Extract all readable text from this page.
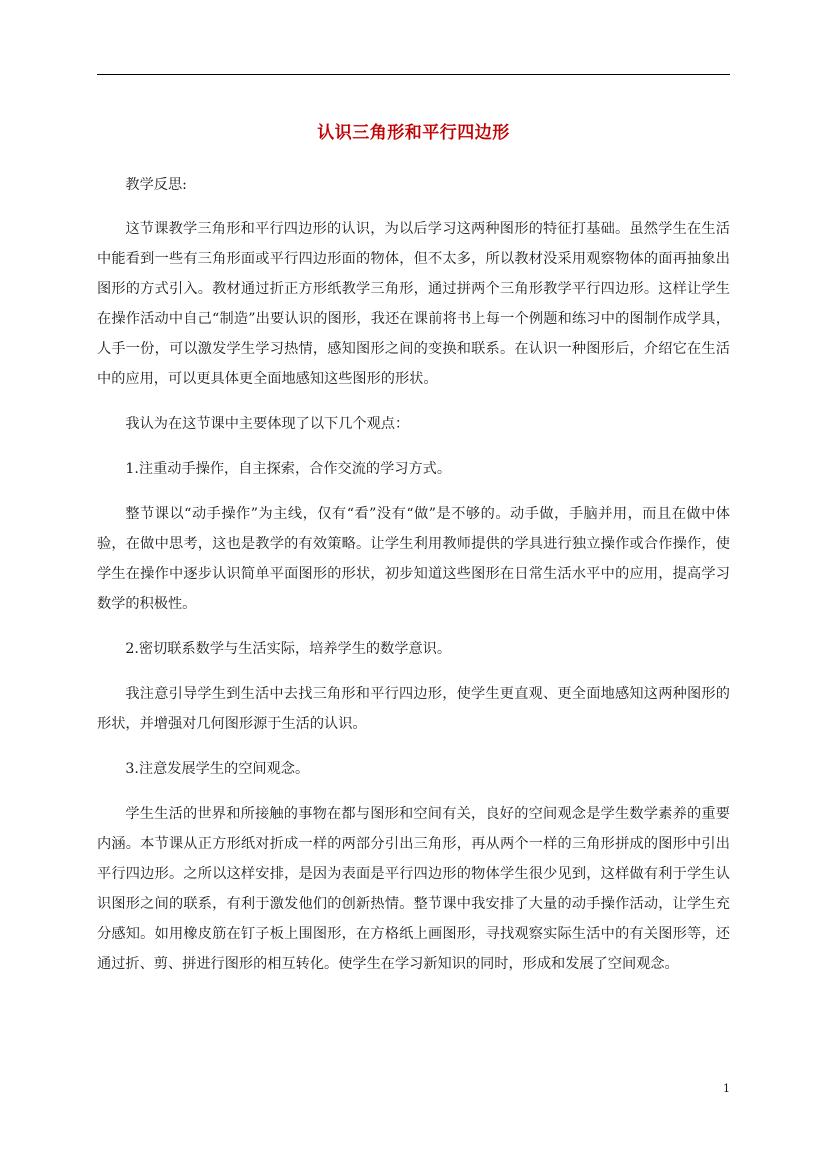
认识三角形和平行四边形

教学反思:

这节课教学三角形和平行四边形的认识，为以后学习这两种图形的特征打基础。虽然学生在生活中能看到一些有三角形面或平行四边形面的物体，但不太多，所以教材没采用观察物体的面再抽象出图形的方式引入。教材通过折正方形纸教学三角形，通过拼两个三角形教学平行四边形。这样让学生在操作活动中自己“制造”出要认识的图形，我还在课前将书上每一个例题和练习中的图制作成学具，人手一份，可以激发学生学习热情，感知图形之间的变换和联系。在认识一种图形后，介绍它在生活中的应用，可以更具体更全面地感知这些图形的形状。

我认为在这节课中主要体现了以下几个观点：

1.注重动手操作，自主探索，合作交流的学习方式。

整节课以“动手操作”为主线，仅有“看”没有“做”是不够的。动手做，手脑并用，而且在做中体验，在做中思考，这也是教学的有效策略。让学生利用教师提供的学具进行独立操作或合作操作，使学生在操作中逐步认识简单平面图形的形状，初步知道这些图形在日常生活水平中的应用，提高学习数学的积极性。

2.密切联系数学与生活实际，培养学生的数学意识。

我注意引导学生到生活中去找三角形和平行四边形，使学生更直观、更全面地感知这两种图形的形状，并增强对几何图形源于生活的认识。

3.注意发展学生的空间观念。

学生生活的世界和所接触的事物在都与图形和空间有关，良好的空间观念是学生数学素养的重要内涵。本节课从正方形纸对折成一样的两部分引出三角形，再从两个一样的三角形拼成的图形中引出平行四边形。之所以这样安排，是因为表面是平行四边形的物体学生很少见到，这样做有利于学生认识图形之间的联系，有利于激发他们的创新热情。整节课中我安排了大量的动手操作活动，让学生充分感知。如用橡皮筋在钉子板上围图形，在方格纸上画图形，寻找观察实际生活中的有关图形等，还通过折、剪、拼进行图形的相互转化。使学生在学习新知识的同时，形成和发展了空间观念。

1
